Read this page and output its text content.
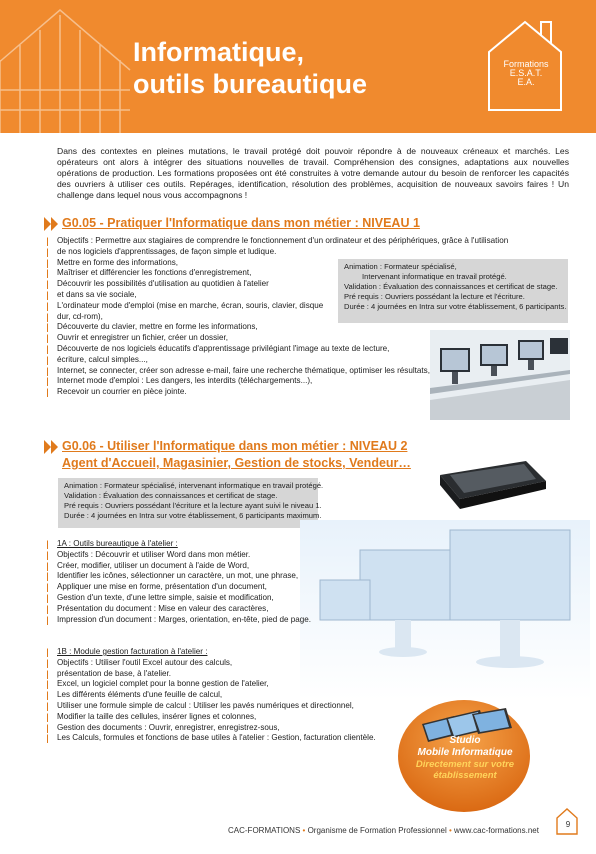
Informatique,
outils bureautique
Formations
E.S.A.T.
E.A.
Dans des contextes en pleines mutations, le travail protégé doit pouvoir répondre à de nouveaux créneaux et marchés. Les opérateurs ont alors à intégrer des situations nouvelles de travail. Compréhension des consignes, adaptations aux nouvelles opérations de production. Les formations proposées ont été construites à votre demande autour du besoin de renforcer les capacités des ouvriers à utiliser ces outils. Repérages, identification, résolution des problèmes, acquisition de nouveaux savoirs faires ! Un challenge dans lequel nous vous accompagnons !
G0.05 - Pratiquer l'Informatique dans mon métier : NIVEAU 1
Objectifs : Permettre aux stagiaires de comprendre le fonctionnement d'un ordinateur et des périphériques, grâce à l'utilisation
de nos logiciels d'apprentissages, de façon simple et ludique.
Mettre en forme des informations,
Maîtriser et différencier les fonctions d'enregistrement,
Découvrir les possibilités d'utilisation au quotidien à l'atelier
et dans sa vie sociale,
L'ordinateur mode d'emploi (mise en marche, écran, souris, clavier, disque
dur, cd-rom),
Découverte du clavier, mettre en forme les informations,
Ouvrir et enregistrer un fichier, créer un dossier,
Découverte de nos logiciels éducatifs d'apprentissage privilégiant l'image au texte de lecture,
écriture, calcul simples...,
Internet, se connecter, créer son adresse e-mail, faire une recherche thématique, optimiser les résultats,
Internet mode d'emploi : Les dangers, les interdits (téléchargements...),
Recevoir un courrier en pièce jointe.
Animation : Formateur spécialisé,
Intervenant informatique en travail protégé.
Validation : Évaluation des connaissances et certificat de stage.
Pré requis : Ouvriers possédant la lecture et l'écriture.
Durée : 4 journées en Intra sur votre établissement, 6 participants.
G0.06 - Utiliser l'Informatique dans mon métier : NIVEAU 2
Agent d'Accueil, Magasinier, Gestion de stocks, Vendeur…
Animation : Formateur spécialisé, intervenant informatique en travail protégé.
Validation : Évaluation des connaissances et certificat de stage.
Pré requis : Ouvriers possédant l'écriture et la lecture ayant suivi le niveau 1.
Durée : 4 journées en Intra sur votre établissement, 6 participants maximum.
1A : Outils bureautique à l'atelier :
Objectifs : Découvrir et utiliser Word dans mon métier.
Créer, modifier, utiliser un document à l'aide de Word,
Identifier les icônes, sélectionner un caractère, un mot, une phrase,
Appliquer une mise en forme, présentation d'un document,
Gestion d'un texte, d'une lettre simple, saisie et modification,
Présentation du document : Mise en valeur des caractères,
Impression d'un document : Marges, orientation, en-tête, pied de page.
1B : Module gestion facturation à l'atelier :
Objectifs : Utiliser l'outil Excel autour des calculs,
présentation de base, à l'atelier.
Excel, un logiciel complet pour la bonne gestion de l'atelier,
Les différents éléments d'une feuille de calcul,
Utiliser une formule simple de calcul : Utiliser les pavés numériques et directionnel,
Modifier la taille des cellules, insérer lignes et colonnes,
Gestion des documents : Ouvrir, enregistrer, enregistrez-sous,
Les Calculs, formules et fonctions de base utiles à l'atelier : Gestion, facturation clientèle.	Studio
Mobile Informatique
Directement sur votre
établissement
CAC-FORMATIONS • Organisme de Formation Professionnel • www.cac-formations.net
9
